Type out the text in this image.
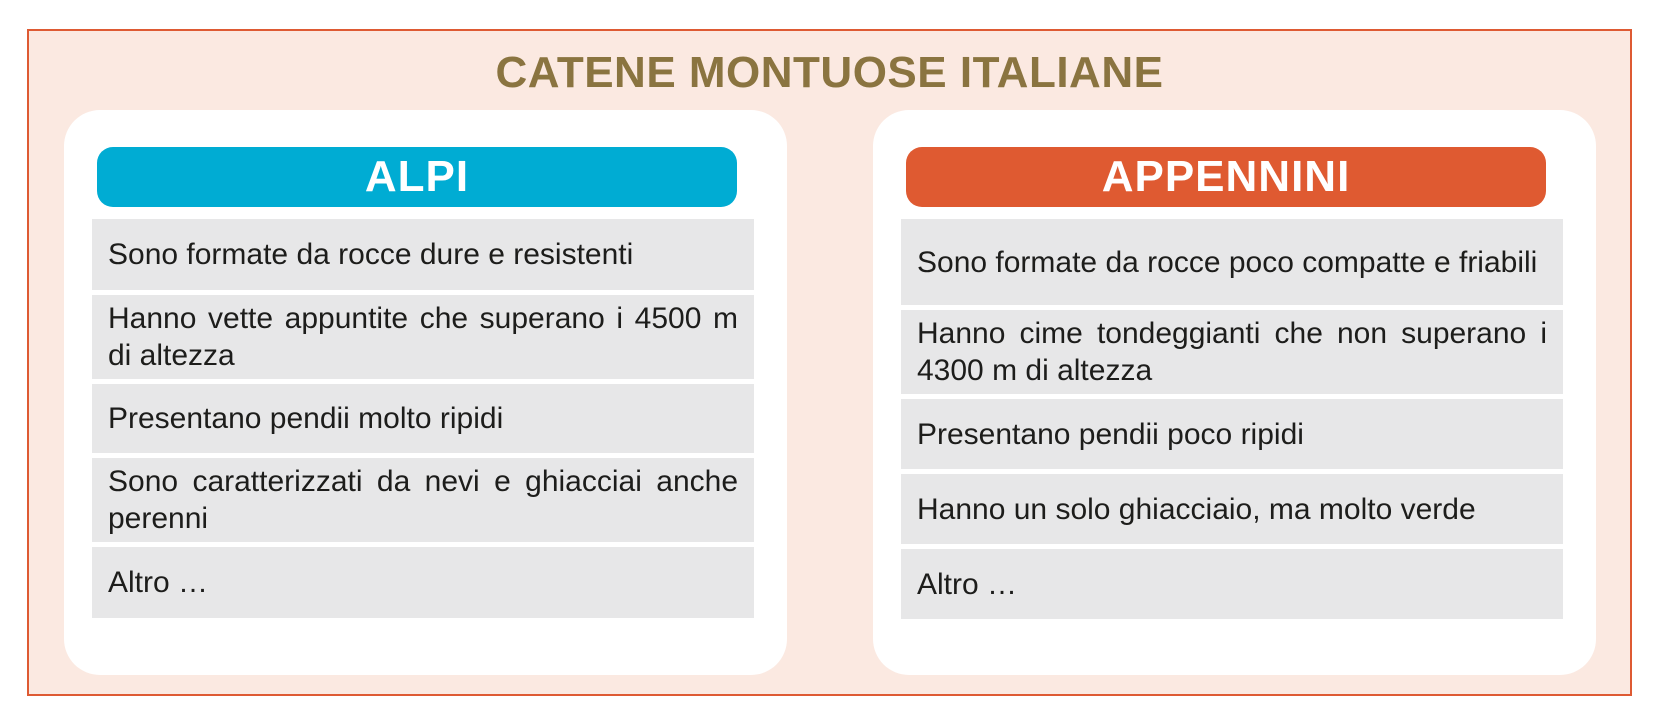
CATENE MONTUOSE ITALIANE
ALPI
Sono formate da rocce dure e resistenti
Hanno vette appuntite che superano i 4500 m di altezza
Presentano pendii molto ripidi
Sono caratterizzati da nevi e ghiacciai anche perenni
Altro …
APPENNINI
Sono formate da rocce poco compatte e friabili
Hanno cime tondeggianti che non superano i 4300 m di altezza
Presentano pendii poco ripidi
Hanno un solo ghiacciaio, ma molto verde
Altro …
